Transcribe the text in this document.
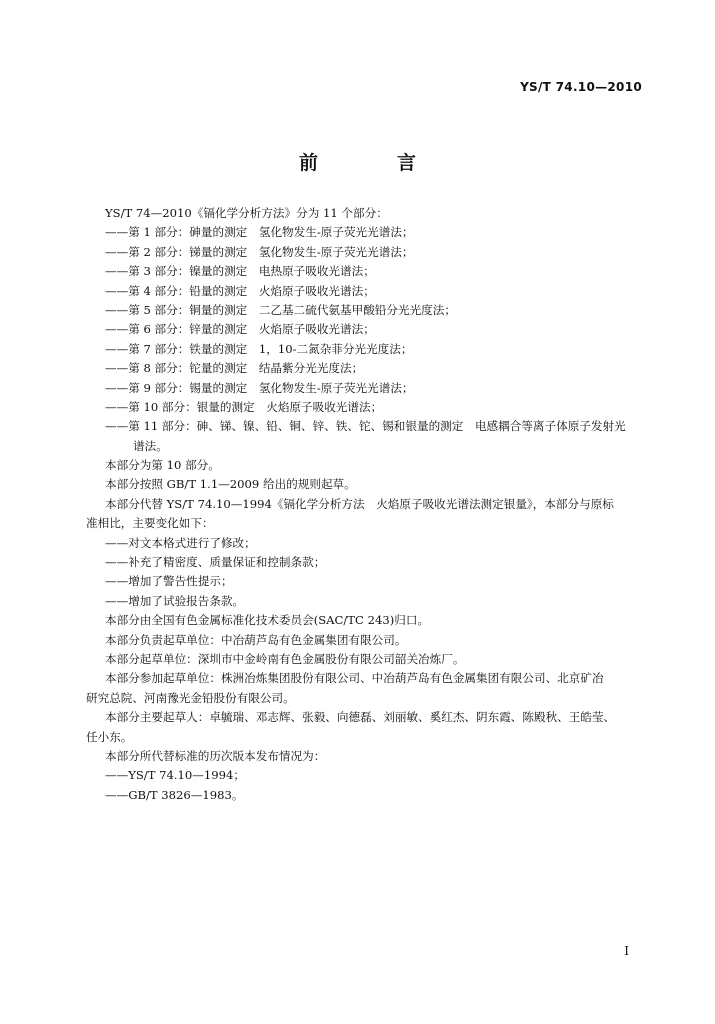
YS/T 74.10—2010
前　言
YS/T 74—2010《镉化学分析方法》分为 11 个部分：
——第 1 部分：砷量的测定　氢化物发生-原子荧光光谱法；
——第 2 部分：锑量的测定　氢化物发生-原子荧光光谱法；
——第 3 部分：镍量的测定　电热原子吸收光谱法；
——第 4 部分：铅量的测定　火焰原子吸收光谱法；
——第 5 部分：铜量的测定　二乙基二硫代氨基甲酸铅分光光度法；
——第 6 部分：锌量的测定　火焰原子吸收光谱法；
——第 7 部分：铁量的测定　1，10-二氮杂菲分光光度法；
——第 8 部分：铊量的测定　结晶紫分光光度法；
——第 9 部分：锡量的测定　氢化物发生-原子荧光光谱法；
——第 10 部分：银量的测定　火焰原子吸收光谱法；
——第 11 部分：砷、锑、镍、铅、铜、锌、铁、铊、锡和银量的测定　电感耦合等离子体原子发射光
谱法。
本部分为第 10 部分。
本部分按照 GB/T 1.1—2009 给出的规则起草。
本部分代替 YS/T 74.10—1994《镉化学分析方法　火焰原子吸收光谱法测定银量》，本部分与原标
准相比，主要变化如下：
——对文本格式进行了修改；
——补充了精密度、质量保证和控制条款；
——增加了警告性提示；
——增加了试验报告条款。
本部分由全国有色金属标准化技术委员会(SAC/TC 243)归口。
本部分负责起草单位：中冶葫芦岛有色金属集团有限公司。
本部分起草单位：深圳市中金岭南有色金属股份有限公司韶关冶炼厂。
本部分参加起草单位：株洲冶炼集团股份有限公司、中冶葫芦岛有色金属集团有限公司、北京矿冶
研究总院、河南豫光金铅股份有限公司。
本部分主要起草人：卓毓瑞、邓志辉、张毅、向德磊、刘丽敏、奚红杰、阴东霞、陈殿秋、王皓莹、
任小东。
本部分所代替标准的历次版本发布情况为：
——YS/T 74.10—1994；
——GB/T 3826—1983。
I
